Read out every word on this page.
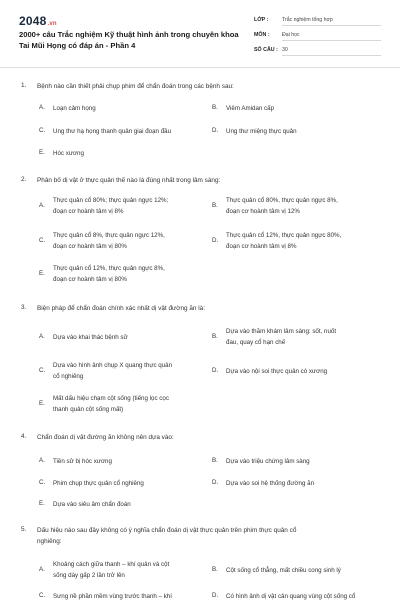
2048.vn
2000+ câu Trắc nghiệm Kỹ thuật hình ảnh trong chuyên khoa Tai Mũi Họng có đáp án - Phần 4
LỚP :	Trắc nghiệm tổng hợp
MÔN : Đại học
SỐ CÂU : 30
1. Bệnh nào cần thiết phải chụp phim để chẩn đoán trong các bệnh sau:
A. Loạn cảm họng	B. Viêm Amidan cấp
C. Ung thư hạ họng thanh quản giai đoạn đầu	D. Ung thư miệng thực quản
E. Hóc xương
2. Phân bố dị vật ở thực quản thế nào là đúng nhất trong lâm sàng:
A.
Thực quản cổ 80%; thực quản ngực 12%;
đoạn cơ hoành tâm vị 8%
B.
Thực quản cổ 80%, thực quản ngực 8%,
đoạn cơ hoành tâm vị 12%
C.
Thực quản cổ 8%, thực quản ngực 12%,
đoạn cơ hoành tâm vị 80%
D.
Thực quản cổ 12%, thực quản ngực 80%,
đoạn cơ hoành tâm vị 8%
E.
Thực quản cổ 12%, thực quản ngực 8%,
đoạn cơ hoành tâm vị 80%
3. Biện pháp để chẩn đoán chính xác nhất dị vật đường ăn là:
A. Dựa vào khai thác bệnh sử	B.
Dựa vào thăm khám lâm sàng: sốt, nuốt
đau, quay cổ hạn chế
C.
Dựa vào hình ảnh chụp X quang thực quản
cổ nghiêng
D. Dựa vào nội soi thực quản có xương
E.
Mất dấu hiệu chạm cột sống (tiếng lọc cọc
thanh quản cột sống mất)
4. Chẩn đoán dị vật đường ăn không nên dựa vào:
A. Tiền sử bị hóc xương	B. Dựa vào triệu chứng lâm sàng
C. Phim chụp thực quản cổ nghiêng	D. Dựa vào soi hệ thống đường ăn
E. Dựa vào siêu âm chẩn đoán
5. Dấu hiệu nào sau đây không có ý nghĩa chẩn đoán dị vật thực quản trên phim thực quản cổ
nghiêng:
A.
Khoảng cách giữa thanh – khí quản và cột
sống dày gấp 2 lần trở lên
B. Cột sống cổ thẳng, mất chiều cong sinh lý
C. Sưng nề phần mềm vùng trước thanh – khí	D. Có hình ảnh dị vật cản quang vùng cột sống cổ
